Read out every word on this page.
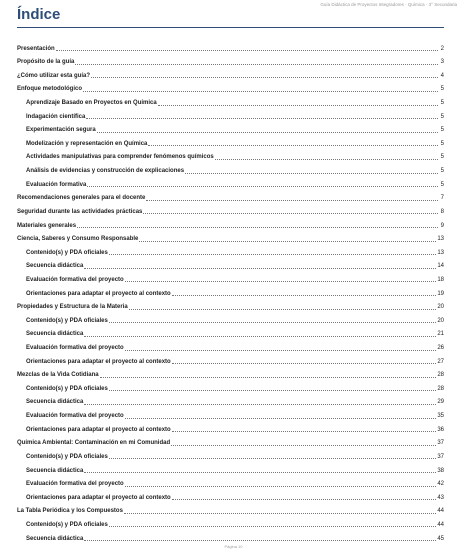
Guía Didáctica de Proyectos Integradores · Química · 3° Secundaria
Índice
Presentación	2
Propósito de la guía	3
¿Cómo utilizar esta guía?	4
Enfoque metodológico	5
Aprendizaje Basado en Proyectos en Química	5
Indagación científica	5
Experimentación segura	5
Modelización y representación en Química	5
Actividades manipulativas para comprender fenómenos químicos	5
Análisis de evidencias y construcción de explicaciones	5
Evaluación formativa	5
Recomendaciones generales para el docente	7
Seguridad durante las actividades prácticas	8
Materiales generales	9
Ciencia, Saberes y Consumo Responsable	13
Contenido(s) y PDA oficiales	13
Secuencia didáctica	14
Evaluación formativa del proyecto	18
Orientaciones para adaptar el proyecto al contexto	19
Propiedades y Estructura de la Materia	20
Contenido(s) y PDA oficiales	20
Secuencia didáctica	21
Evaluación formativa del proyecto	26
Orientaciones para adaptar el proyecto al contexto	27
Mezclas de la Vida Cotidiana	28
Contenido(s) y PDA oficiales	28
Secuencia didáctica	29
Evaluación formativa del proyecto	35
Orientaciones para adaptar el proyecto al contexto	36
Química Ambiental: Contaminación en mi Comunidad	37
Contenido(s) y PDA oficiales	37
Secuencia didáctica	38
Evaluación formativa del proyecto	42
Orientaciones para adaptar el proyecto al contexto	43
La Tabla Periódica y los Compuestos	44
Contenido(s) y PDA oficiales	44
Secuencia didáctica	45
Página 10
